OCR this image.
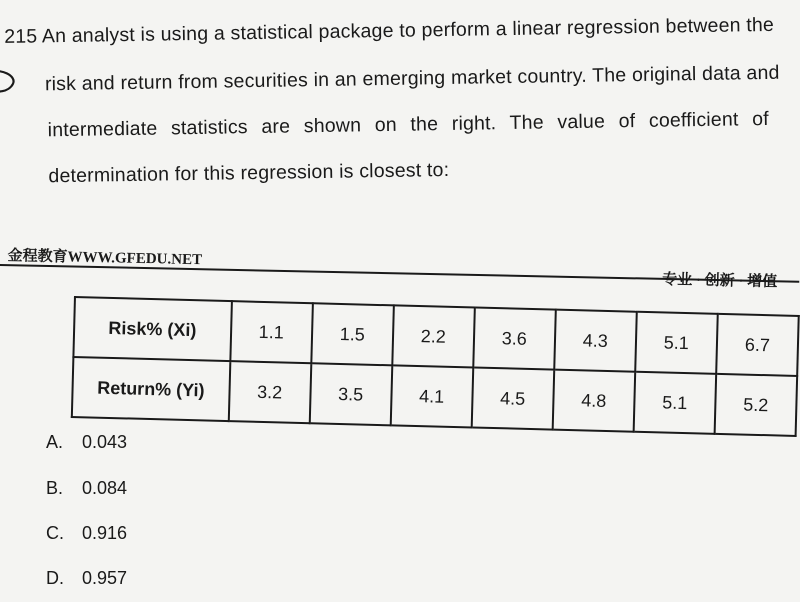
215 An analyst is using a statistical package to perform a linear regression between the
risk and return from securities in an emerging market country. The original data and
intermediate statistics are shown on the right. The value of coefficient of
determination for this regression is closest to:
金程教育WWW.GFEDU.NET
专业 · 创新 · 增值
Risk% (Xi)	1.1	1.5	2.2	3.6	4.3	5.1	6.7
Return% (Yi)	3.2	3.5	4.1	4.5	4.8	5.1	5.2
A. 0.043
B. 0.084
C. 0.916
D. 0.957
